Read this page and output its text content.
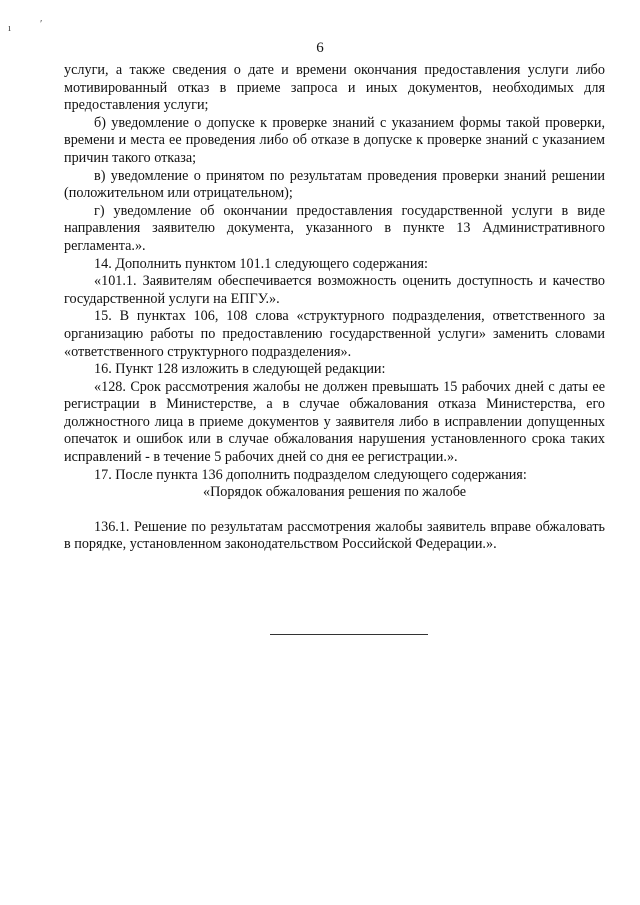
ı	ʹ
6

услуги, а также сведения о дате и времени окончания предоставления услуги либо мотивированный отказ в приеме запроса и иных документов, необходимых для предоставления услуги;

б) уведомление о допуске к проверке знаний с указанием формы такой проверки, времени и места ее проведения либо об отказе в допуске к проверке знаний с указанием причин такого отказа;

в) уведомление о принятом по результатам проведения проверки знаний решении (положительном или отрицательном);

г) уведомление об окончании предоставления государственной услуги в виде направления заявителю документа, указанного в пункте 13 Административного регламента.».

14. Дополнить пунктом 101.1 следующего содержания:

«101.1. Заявителям обеспечивается возможность оценить доступность и качество государственной услуги на ЕПГУ.».

15. В пунктах 106, 108 слова «структурного подразделения, ответственного за организацию работы по предоставлению государственной услуги» заменить словами «ответственного структурного подразделения».

16. Пункт 128 изложить в следующей редакции:

«128. Срок рассмотрения жалобы не должен превышать 15 рабочих дней с даты ее регистрации в Министерстве, а в случае обжалования отказа Министерства, его должностного лица в приеме документов у заявителя либо в исправлении допущенных опечаток и ошибок или в случае обжалования нарушения установленного срока таких исправлений - в течение 5 рабочих дней со дня ее регистрации.».

17. После пункта 136 дополнить подразделом следующего содержания:

«Порядок обжалования решения по жалобе

136.1. Решение по результатам рассмотрения жалобы заявитель вправе обжаловать в порядке, установленном законодательством Российской Федерации.».
